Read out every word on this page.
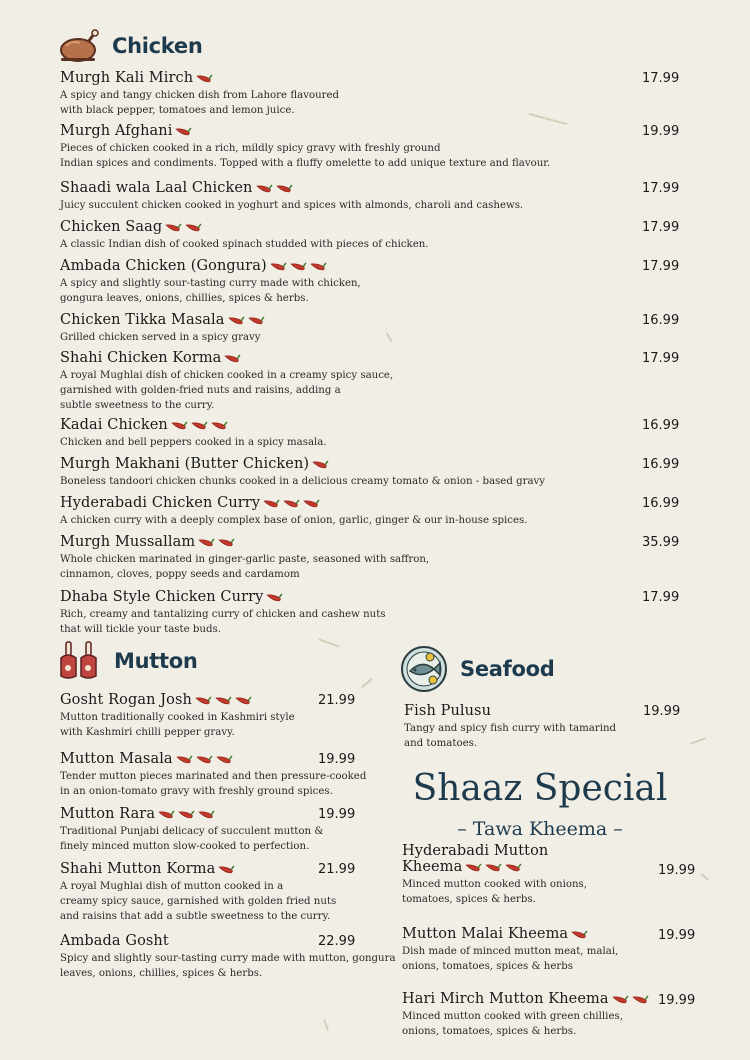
Chicken
Mutton	Seafood
Shaaz Special
– Tawa Kheema –
Murgh Kali Mirch
A spicy and tangy chicken dish from Lahore flavoured
with black pepper, tomatoes and lemon juice.
17.99
Murgh Afghani
Pieces of chicken cooked in a rich, mildly spicy gravy with freshly ground
Indian spices and condiments. Topped with a fluffy omelette to add unique texture and flavour.
19.99
Shaadi wala Laal Chicken
Juicy succulent chicken cooked in yoghurt and spices with almonds, charoli and cashews.
17.99
Chicken Saag
A classic Indian dish of cooked spinach studded with pieces of chicken.
17.99
Ambada Chicken (Gongura)
A spicy and slightly sour-tasting curry made with chicken,
gongura leaves, onions, chillies, spices & herbs.
17.99
Chicken Tikka Masala
Grilled chicken served in a spicy gravy
16.99
Shahi Chicken Korma
A royal Mughlai dish of chicken cooked in a creamy spicy sauce,
garnished with golden-fried nuts and raisins, adding a
subtle sweetness to the curry.
17.99
Kadai Chicken
Chicken and bell peppers cooked in a spicy masala.
16.99
Murgh Makhani (Butter Chicken)
Boneless tandoori chicken chunks cooked in a delicious creamy tomato & onion - based gravy
16.99
Hyderabadi Chicken Curry
A chicken curry with a deeply complex base of onion, garlic, ginger & our in-house spices.
16.99
Murgh Mussallam
Whole chicken marinated in ginger-garlic paste, seasoned with saffron,
cinnamon, cloves, poppy seeds and cardamom
35.99
Dhaba Style Chicken Curry
Rich, creamy and tantalizing curry of chicken and cashew nuts
that will tickle your taste buds.
17.99
Gosht Rogan Josh
Mutton traditionally cooked in Kashmiri style
with Kashmiri chilli pepper gravy.
21.99
Mutton Masala
Tender mutton pieces marinated and then pressure-cooked
in an onion-tomato gravy with freshly ground spices.
19.99
Mutton Rara
Traditional Punjabi delicacy of succulent mutton &
finely minced mutton slow-cooked to perfection.
19.99
Shahi Mutton Korma
A royal Mughlai dish of mutton cooked in a
creamy spicy sauce, garnished with golden fried nuts
and raisins that add a subtle sweetness to the curry.
21.99
Ambada Gosht
Spicy and slightly sour-tasting curry made with mutton, gongura
leaves, onions, chillies, spices & herbs.
22.99
Fish Pulusu
Tangy and spicy fish curry with tamarind
and tomatoes.
19.99
Hyderabadi Mutton
Kheema
Minced mutton cooked with onions,
tomatoes, spices & herbs.
19.99
Mutton Malai Kheema
Dish made of minced mutton meat, malai,
onions, tomatoes, spices & herbs
19.99
Hari Mirch Mutton Kheema
Minced mutton cooked with green chillies,
onions, tomatoes, spices & herbs.
19.99
